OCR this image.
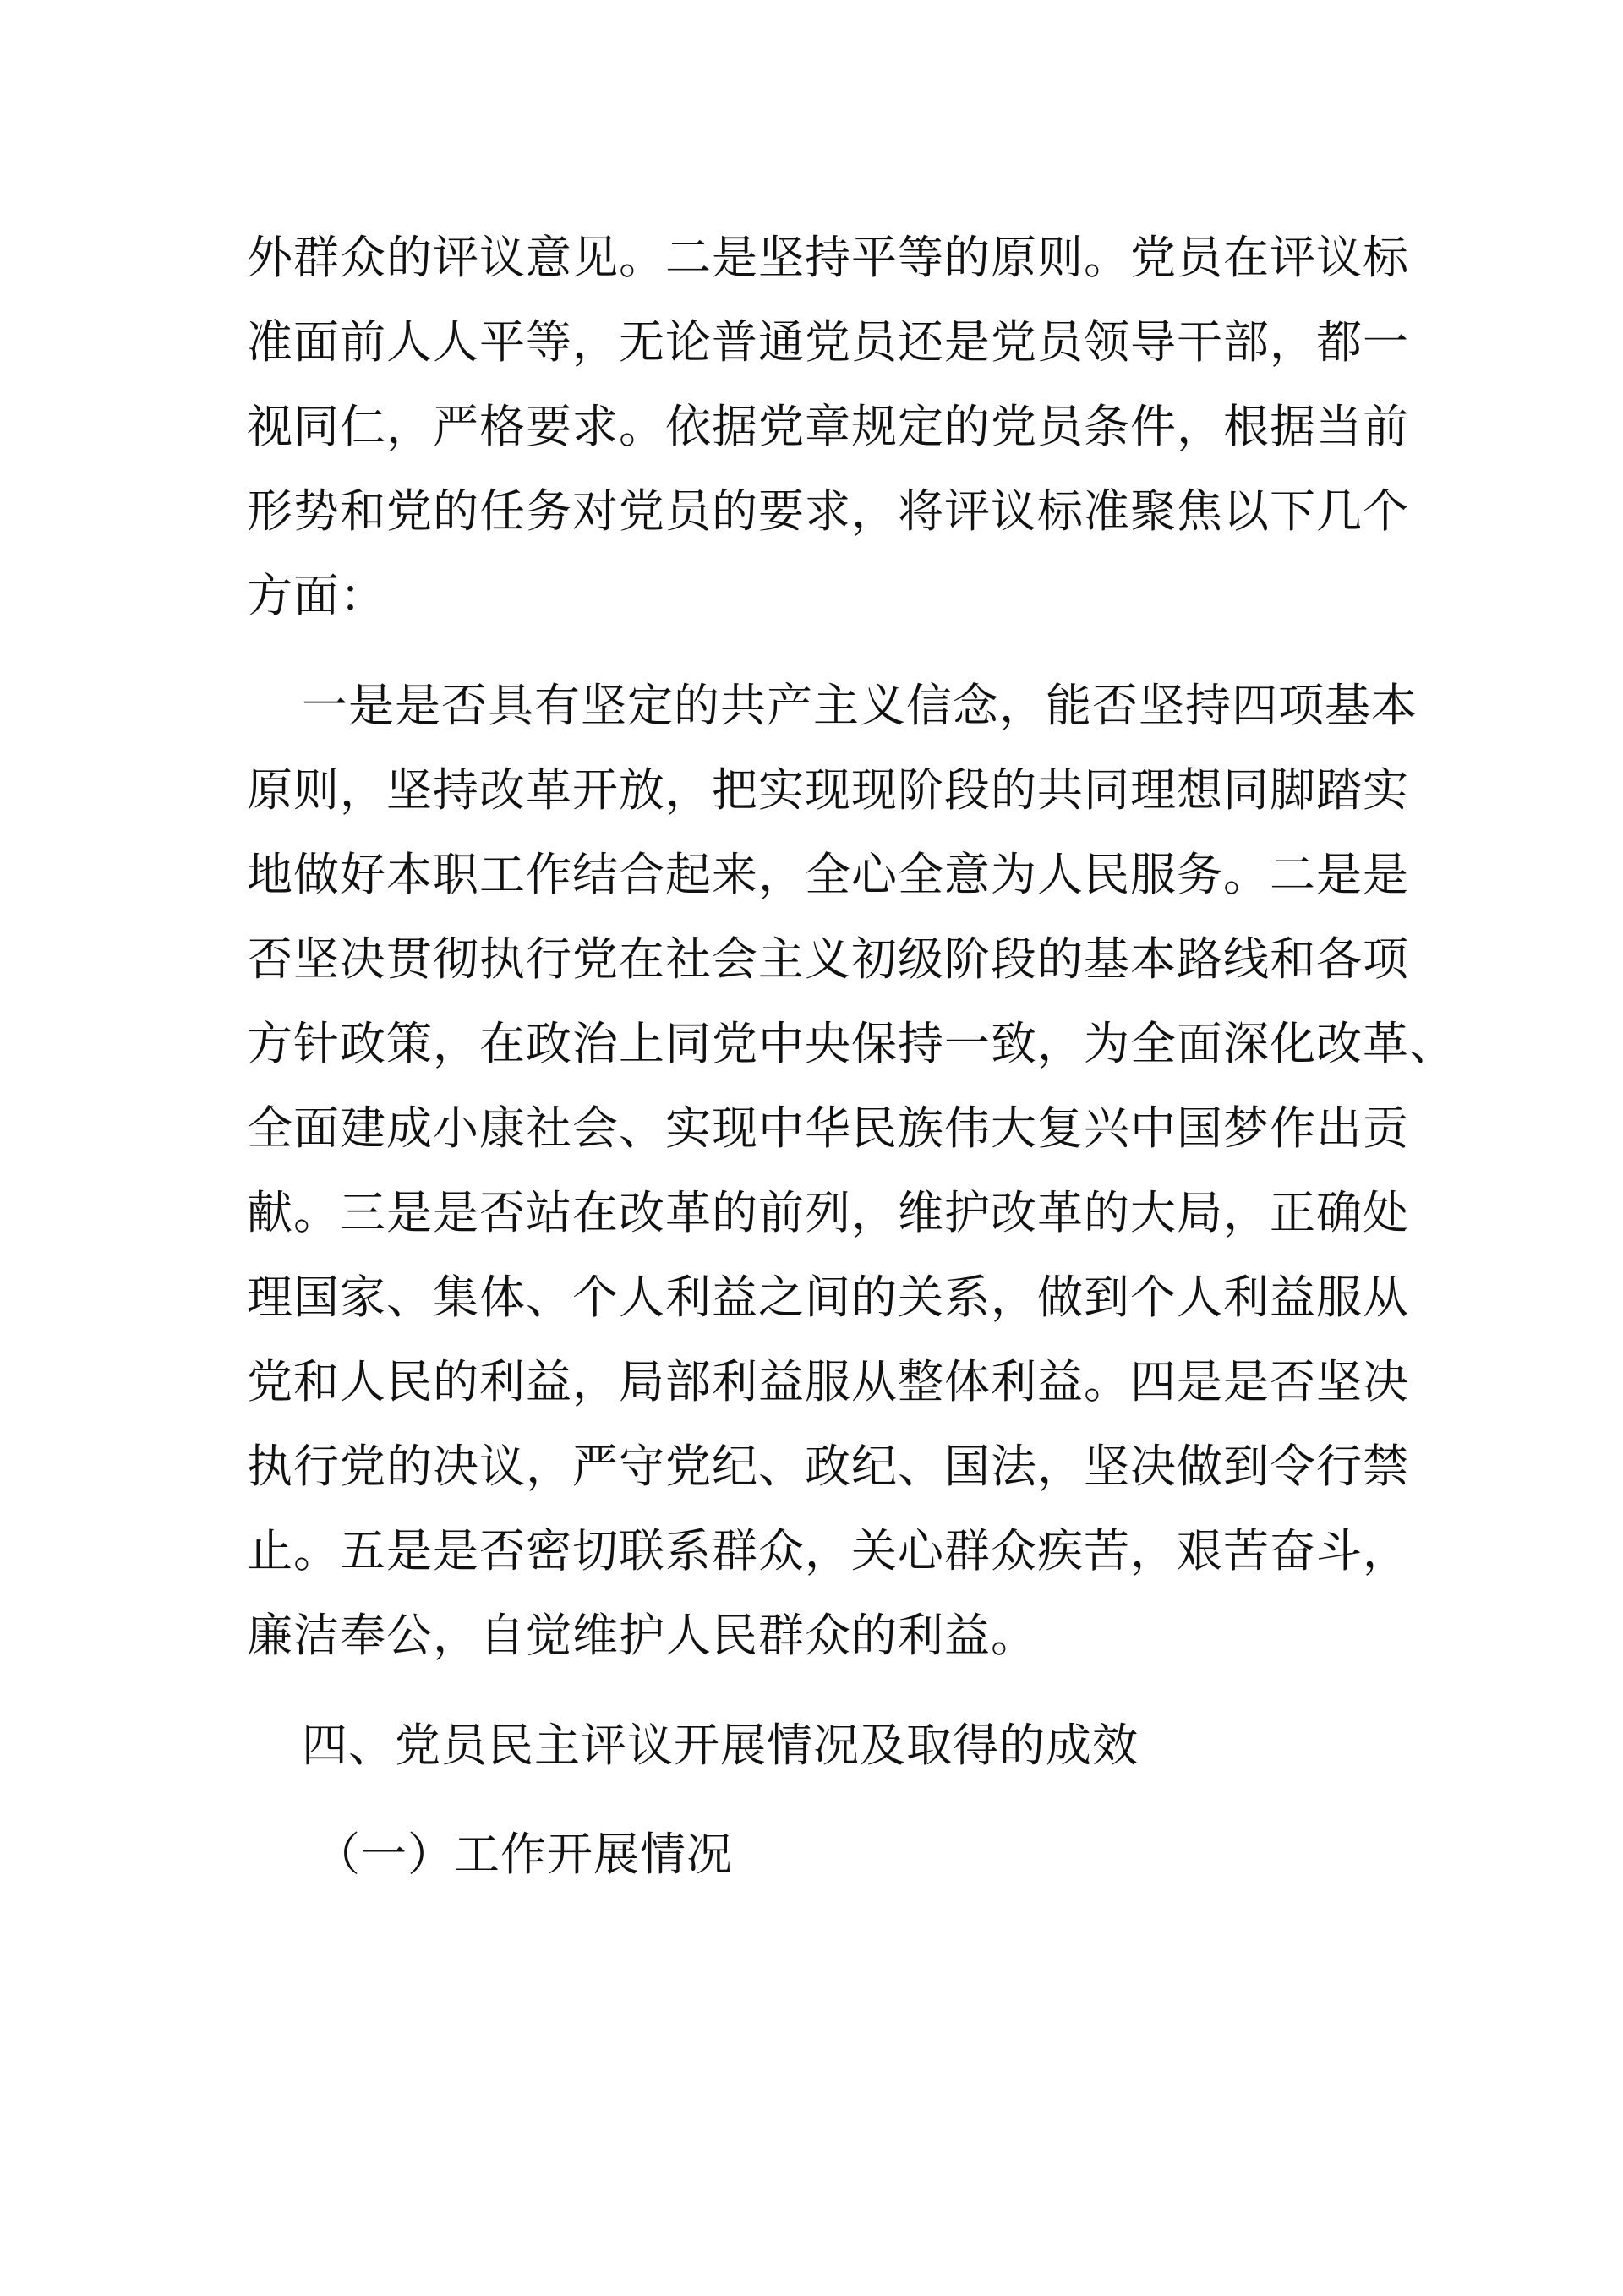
外群众的评议意见。二是坚持平等的原则。党员在评议标
准面前人人平等，无论普通党员还是党员领导干部，都一
视同仁，严格要求。依据党章规定的党员条件，根据当前
形势和党的任务对党员的要求，将评议标准聚焦以下几个
方面：
一是是否具有坚定的共产主义信念，能否坚持四项基本
原则，坚持改革开放，把实现现阶段的共同理想同脚踏实
地做好本职工作结合起来，全心全意为人民服务。二是是
否坚决贯彻执行党在社会主义初级阶段的基本路线和各项
方针政策，在政治上同党中央保持一致，为全面深化改革、
全面建成小康社会、实现中华民族伟大复兴中国梦作出贡
献。三是是否站在改革的前列，维护改革的大局，正确处
理国家、集体、个人利益之间的关系，做到个人利益服从
党和人民的利益，局部利益服从整体利益。四是是否坚决
执行党的决议，严守党纪、政纪、国法，坚决做到令行禁
止。五是是否密切联系群众，关心群众疾苦，艰苦奋斗，
廉洁奉公，自觉维护人民群众的利益。
四、党员民主评议开展情况及取得的成效
（一）工作开展情况
